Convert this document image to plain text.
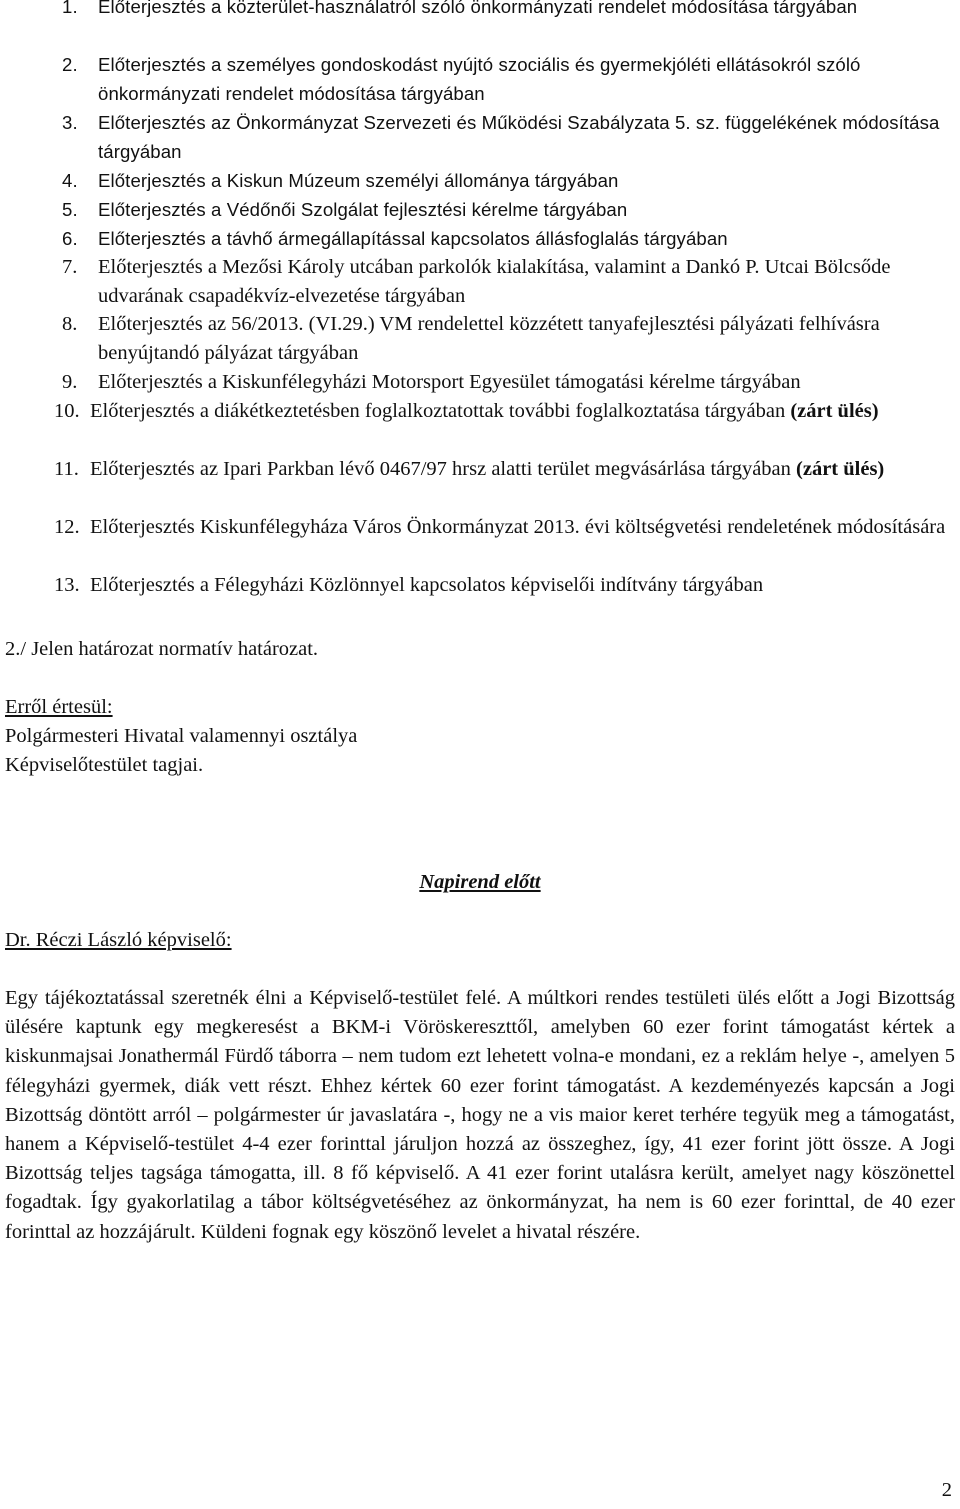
1. Előterjesztés a közterület-használatról szóló önkormányzati rendelet módosítása tárgyában
2. Előterjesztés a személyes gondoskodást nyújtó szociális és gyermekjóléti ellátásokról szóló önkormányzati rendelet módosítása tárgyában
3. Előterjesztés az Önkormányzat Szervezeti és Működési Szabályzata 5. sz. függelékének módosítása tárgyában
4. Előterjesztés a Kiskun Múzeum személyi állománya tárgyában
5. Előterjesztés a Védőnői Szolgálat fejlesztési kérelme tárgyában
6. Előterjesztés a távhő ármegállapítással kapcsolatos állásfoglalás tárgyában
7. Előterjesztés a Mezősi Károly utcában parkolók kialakítása, valamint a Dankó P. Utcai Bölcsőde udvarának csapadékvíz-elvezetése tárgyában
8. Előterjesztés az 56/2013. (VI.29.) VM rendelettel közzétett tanyafejlesztési pályázati felhívásra benyújtandó pályázat tárgyában
9. Előterjesztés a Kiskunfélegyházi Motorsport Egyesület támogatási kérelme tárgyában
10. Előterjesztés a diákétkeztetésben foglalkoztatottak további foglalkoztatása tárgyában (zárt ülés)
11. Előterjesztés az Ipari Parkban lévő 0467/97 hrsz alatti terület megvásárlása tárgyában (zárt ülés)
12. Előterjesztés Kiskunfélegyháza Város Önkormányzat 2013. évi költségvetési rendeletének módosítására
13. Előterjesztés a Félegyházi Közlönnyel kapcsolatos képviselői indítvány tárgyában
2./ Jelen határozat normatív határozat.
Erről értesül:
Polgármesteri Hivatal valamennyi osztálya
Képviselőtestület tagjai.
Napirend előtt
Dr. Réczi László képviselő:

Egy tájékoztatással szeretnék élni a Képviselő-testület felé. A múltkori rendes testületi ülés előtt a Jogi Bizottság ülésére kaptunk egy megkeresést a BKM-i Vöröskereszttől, amelyben 60 ezer forint támogatást kértek a kiskunmajsai Jonathermál Fürdő táborra – nem tudom ezt lehetett volna-e mondani, ez a reklám helye -, amelyen 5 félegyházi gyermek, diák vett részt. Ehhez kértek 60 ezer forint támogatást. A kezdeményezés kapcsán a Jogi Bizottság döntött arról – polgármester úr javaslatára -, hogy ne a vis maior keret terhére tegyük meg a támogatást, hanem a Képviselő-testület 4-4 ezer forinttal járuljon hozzá az összeghez, így, 41 ezer forint jött össze. A Jogi Bizottság teljes tagsága támogatta, ill. 8 fő képviselő. A 41 ezer forint utalásra került, amelyet nagy köszönettel fogadtak. Így gyakorlatilag a tábor költségvetéséhez az önkormányzat, ha nem is 60 ezer forinttal, de 40 ezer forinttal az hozzájárult. Küldeni fognak egy köszönő levelet a hivatal részére.

2
